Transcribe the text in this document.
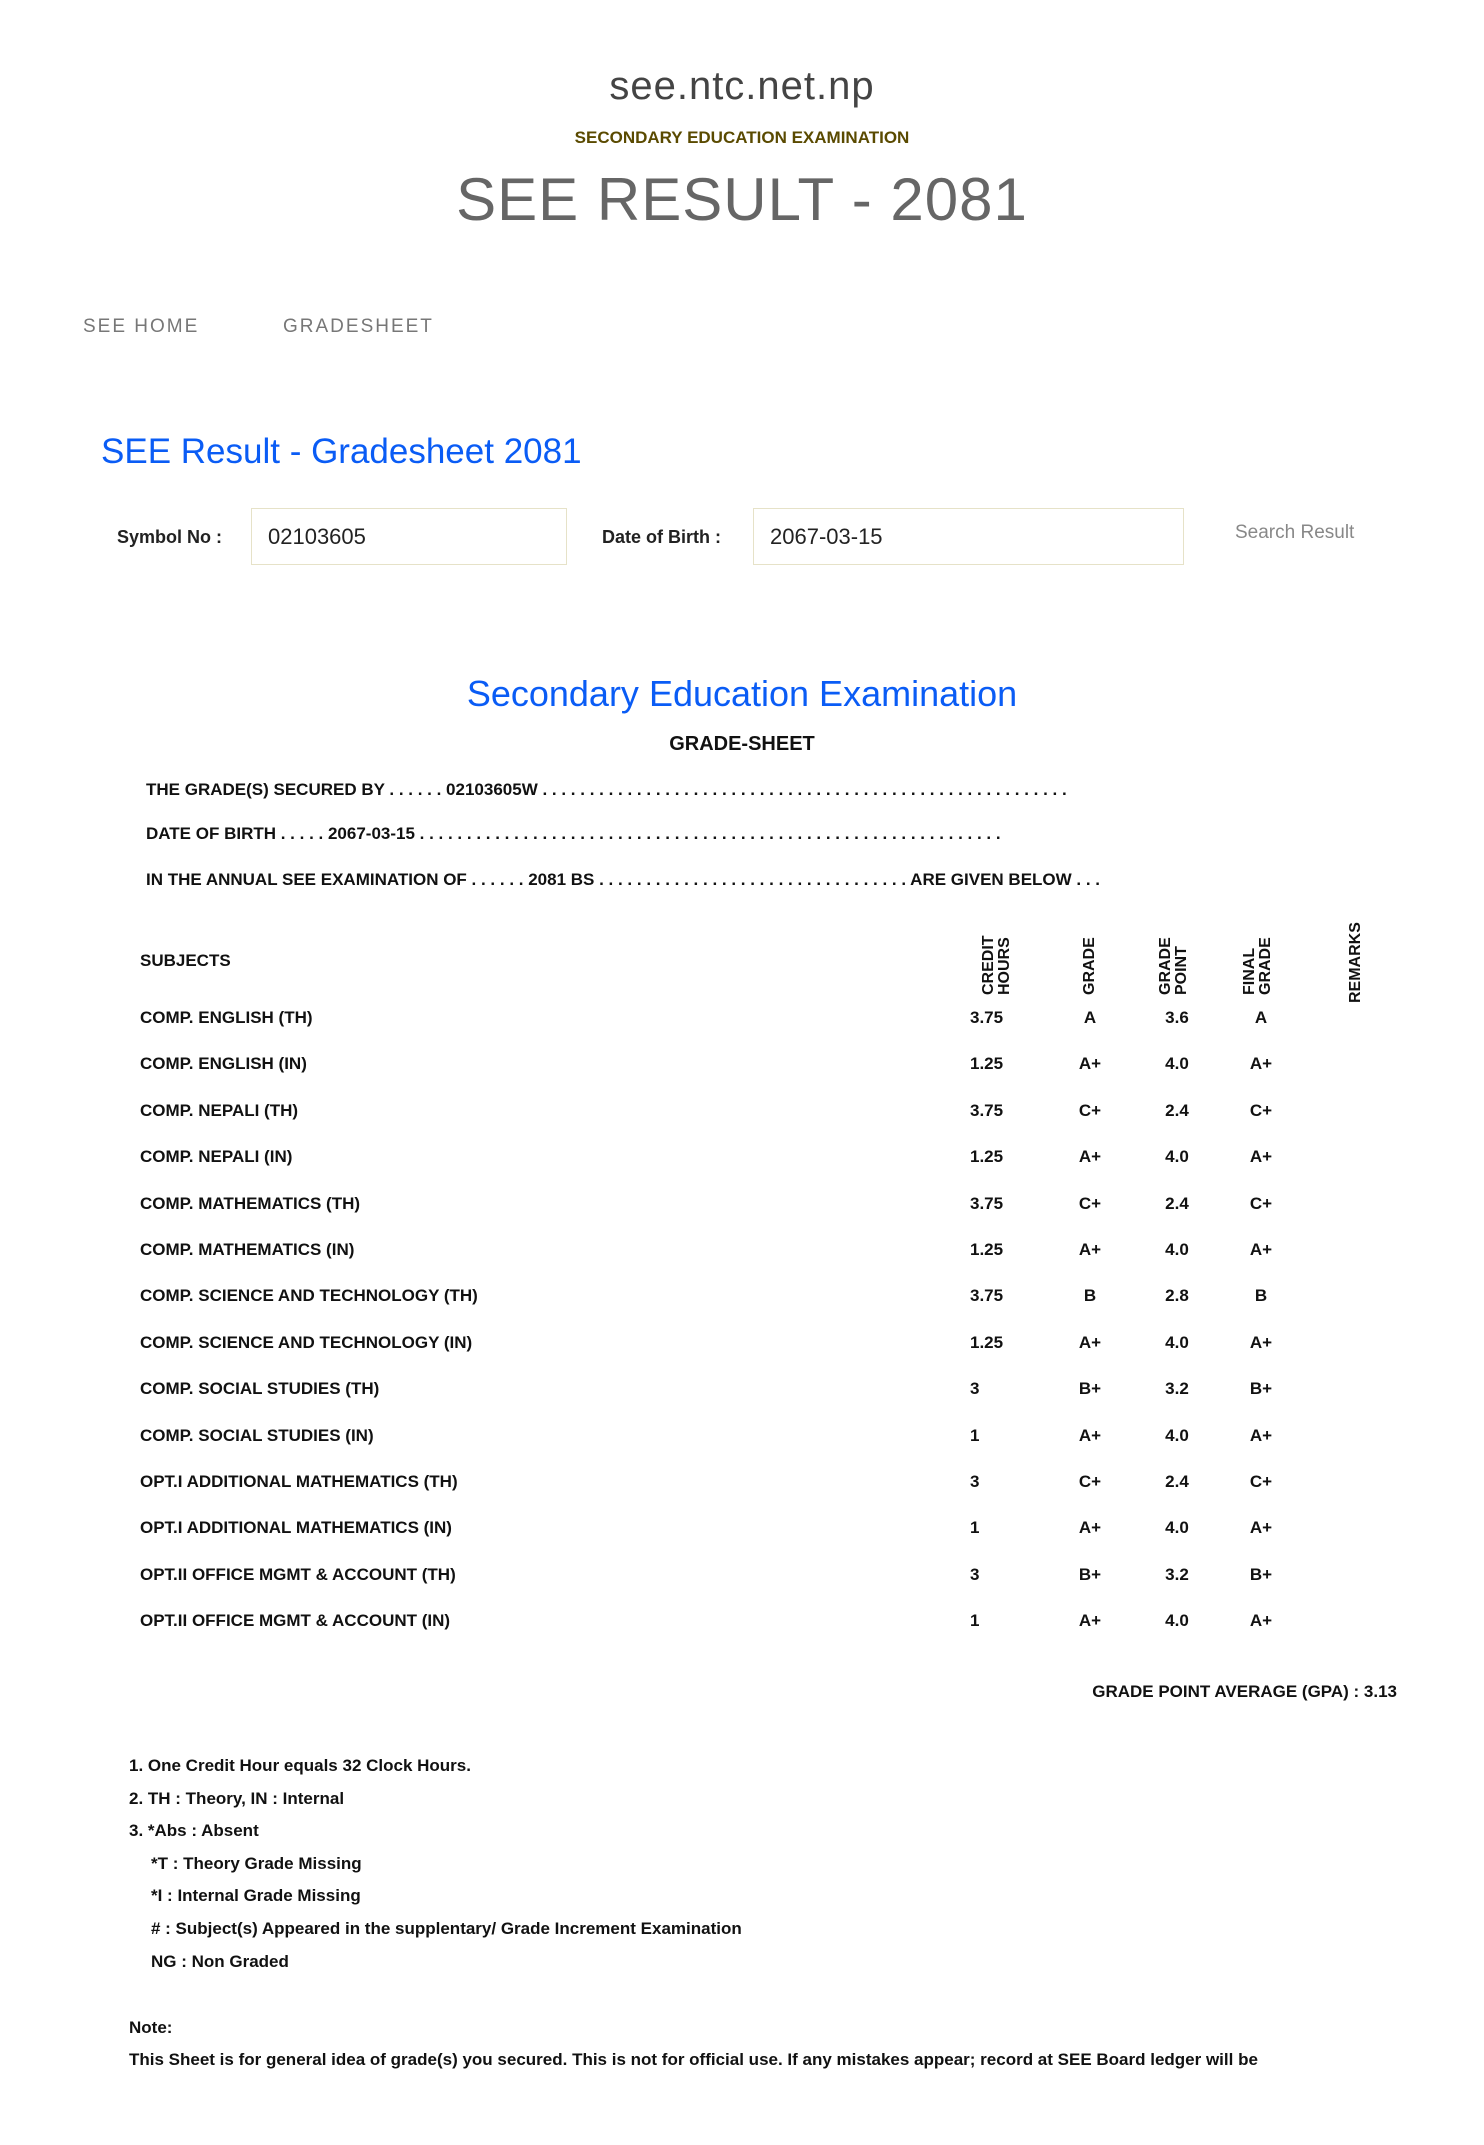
see.ntc.net.np
SECONDARY EDUCATION EXAMINATION
SEE RESULT - 2081
SEE HOME	GRADESHEET
SEE Result - Gradesheet 2081
Symbol No :	02103605	Date of Birth :	2067-03-15	Search Result
Secondary Education Examination
GRADE-SHEET
THE GRADE(S) SECURED BY . . . . . . 02103605W . . . . . . . . . . . . . . . . . . . . . . . . . . . . . . . . . . . . . . . . . . . . . . . . . . . . . . . .
DATE OF BIRTH . . . . . 2067-03-15 . . . . . . . . . . . . . . . . . . . . . . . . . . . . . . . . . . . . . . . . . . . . . . . . . . . . . . . . . . . . . .
IN THE ANNUAL SEE EXAMINATION OF . . . . . . 2081 BS . . . . . . . . . . . . . . . . . . . . . . . . . . . . . . . . . ARE GIVEN BELOW . . .
SUBJECTS	CREDIT HOURS	GRADE	GRADE POINT	FINAL GRADE	REMARKS
COMP. ENGLISH (TH)	3.75	A	3.6	A
COMP. ENGLISH (IN)	1.25	A+	4.0	A+
COMP. NEPALI (TH)	3.75	C+	2.4	C+
COMP. NEPALI (IN)	1.25	A+	4.0	A+
COMP. MATHEMATICS (TH)	3.75	C+	2.4	C+
COMP. MATHEMATICS (IN)	1.25	A+	4.0	A+
COMP. SCIENCE AND TECHNOLOGY (TH)	3.75	B	2.8	B
COMP. SCIENCE AND TECHNOLOGY (IN)	1.25	A+	4.0	A+
COMP. SOCIAL STUDIES (TH)	3	B+	3.2	B+
COMP. SOCIAL STUDIES (IN)	1	A+	4.0	A+
OPT.I ADDITIONAL MATHEMATICS (TH)	3	C+	2.4	C+
OPT.I ADDITIONAL MATHEMATICS (IN)	1	A+	4.0	A+
OPT.II OFFICE MGMT & ACCOUNT (TH)	3	B+	3.2	B+
OPT.II OFFICE MGMT & ACCOUNT (IN)	1	A+	4.0	A+
GRADE POINT AVERAGE (GPA) : 3.13
1. One Credit Hour equals 32 Clock Hours.
2. TH : Theory, IN : Internal
3. *Abs : Absent
*T : Theory Grade Missing
*I : Internal Grade Missing
# : Subject(s) Appeared in the supplentary/ Grade Increment Examination
NG : Non Graded
Note:
This Sheet is for general idea of grade(s) you secured. This is not for official use. If any mistakes appear; record at SEE Board ledger will be
